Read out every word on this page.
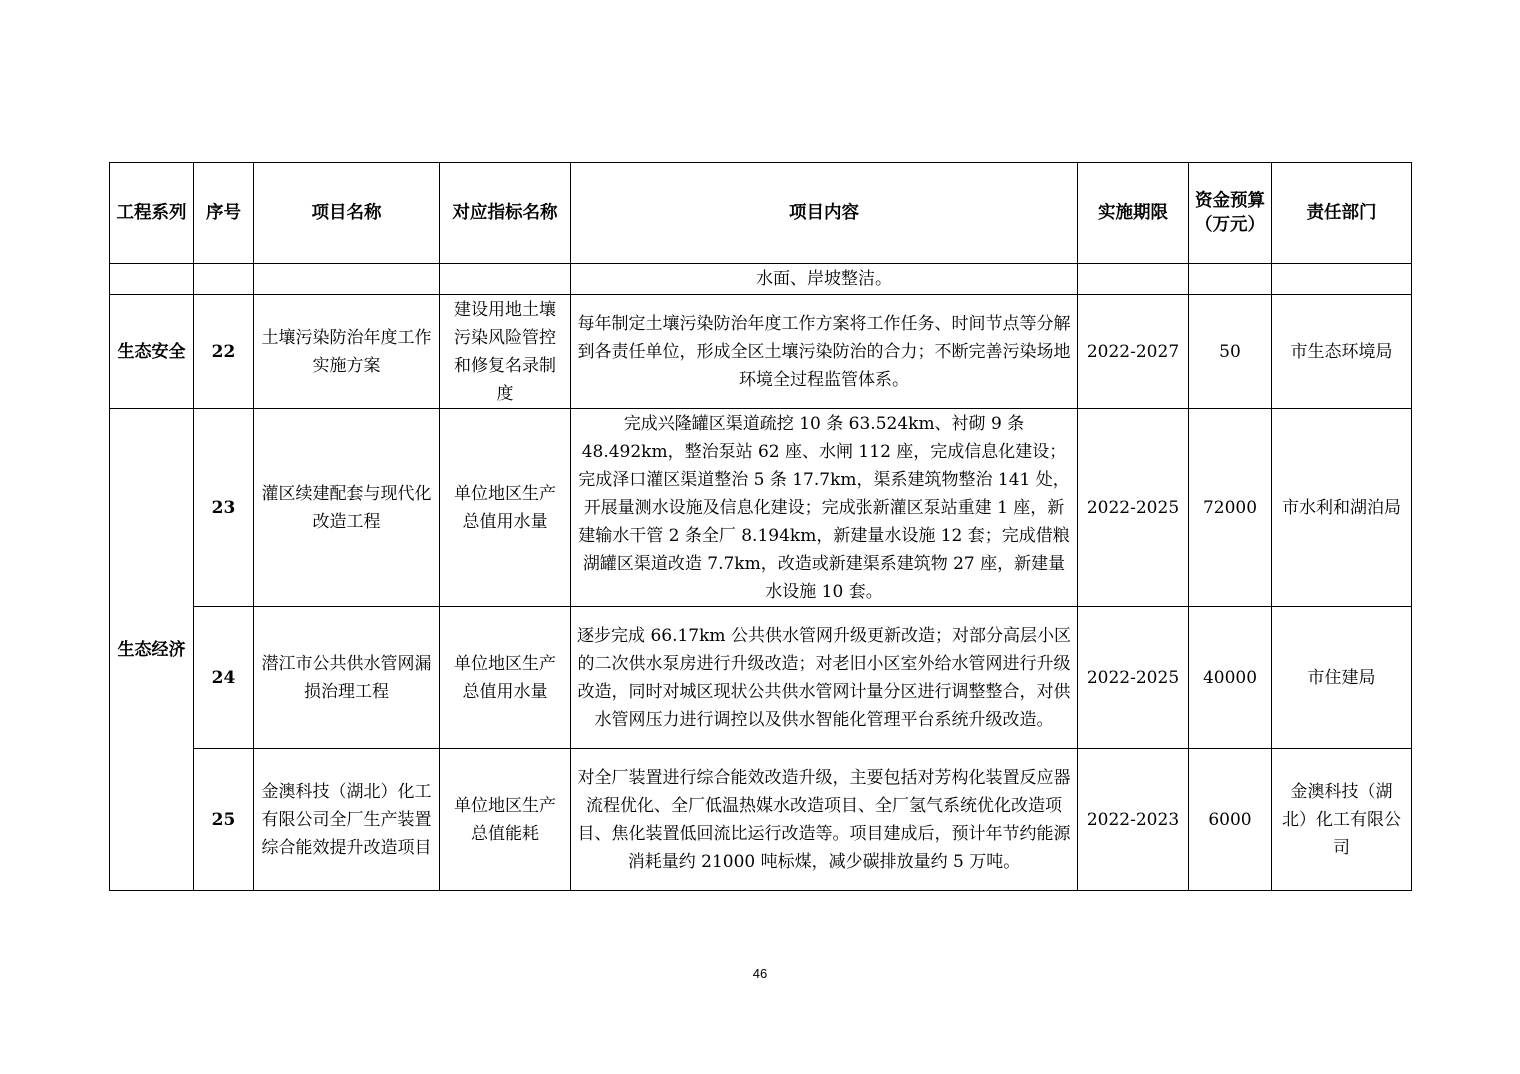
工程系列	序号	项目名称	对应指标名称	项目内容	实施期限	资金预算（万元）	责任部门
				水面、岸坡整洁。			
生态安全	22	土壤污染防治年度工作实施方案	建设用地土壤污染风险管控和修复名录制度	每年制定土壤污染防治年度工作方案将工作任务、时间节点等分解到各责任单位，形成全区土壤污染防治的合力；不断完善污染场地环境全过程监管体系。	2022-2027	50	市生态环境局
生态经济	23	灌区续建配套与现代化改造工程	单位地区生产总值用水量	完成兴隆罐区渠道疏挖 10 条 63.524km、衬砌 9 条 48.492km，整治泵站 62 座、水闸 112 座，完成信息化建设；完成泽口灌区渠道整治 5 条 17.7km，渠系建筑物整治 141 处，开展量测水设施及信息化建设；完成张新灌区泵站重建 1 座，新建输水干管 2 条全厂 8.194km，新建量水设施 12 套；完成借粮湖罐区渠道改造 7.7km，改造或新建渠系建筑物 27 座，新建量水设施 10 套。	2022-2025	72000	市水利和湖泊局
	24	潜江市公共供水管网漏损治理工程	单位地区生产总值用水量	逐步完成 66.17km 公共供水管网升级更新改造；对部分高层小区的二次供水泵房进行升级改造；对老旧小区室外给水管网进行升级改造，同时对城区现状公共供水管网计量分区进行调整整合，对供水管网压力进行调控以及供水智能化管理平台系统升级改造。	2022-2025	40000	市住建局
	25	金澳科技（湖北）化工有限公司全厂生产装置综合能效提升改造项目	单位地区生产总值能耗	对全厂装置进行综合能效改造升级，主要包括对芳构化装置反应器流程优化、全厂低温热媒水改造项目、全厂氢气系统优化改造项目、焦化装置低回流比运行改造等。项目建成后，预计年节约能源消耗量约 21000 吨标煤，减少碳排放量约 5 万吨。	2022-2023	6000	金澳科技（湖北）化工有限公司
46
